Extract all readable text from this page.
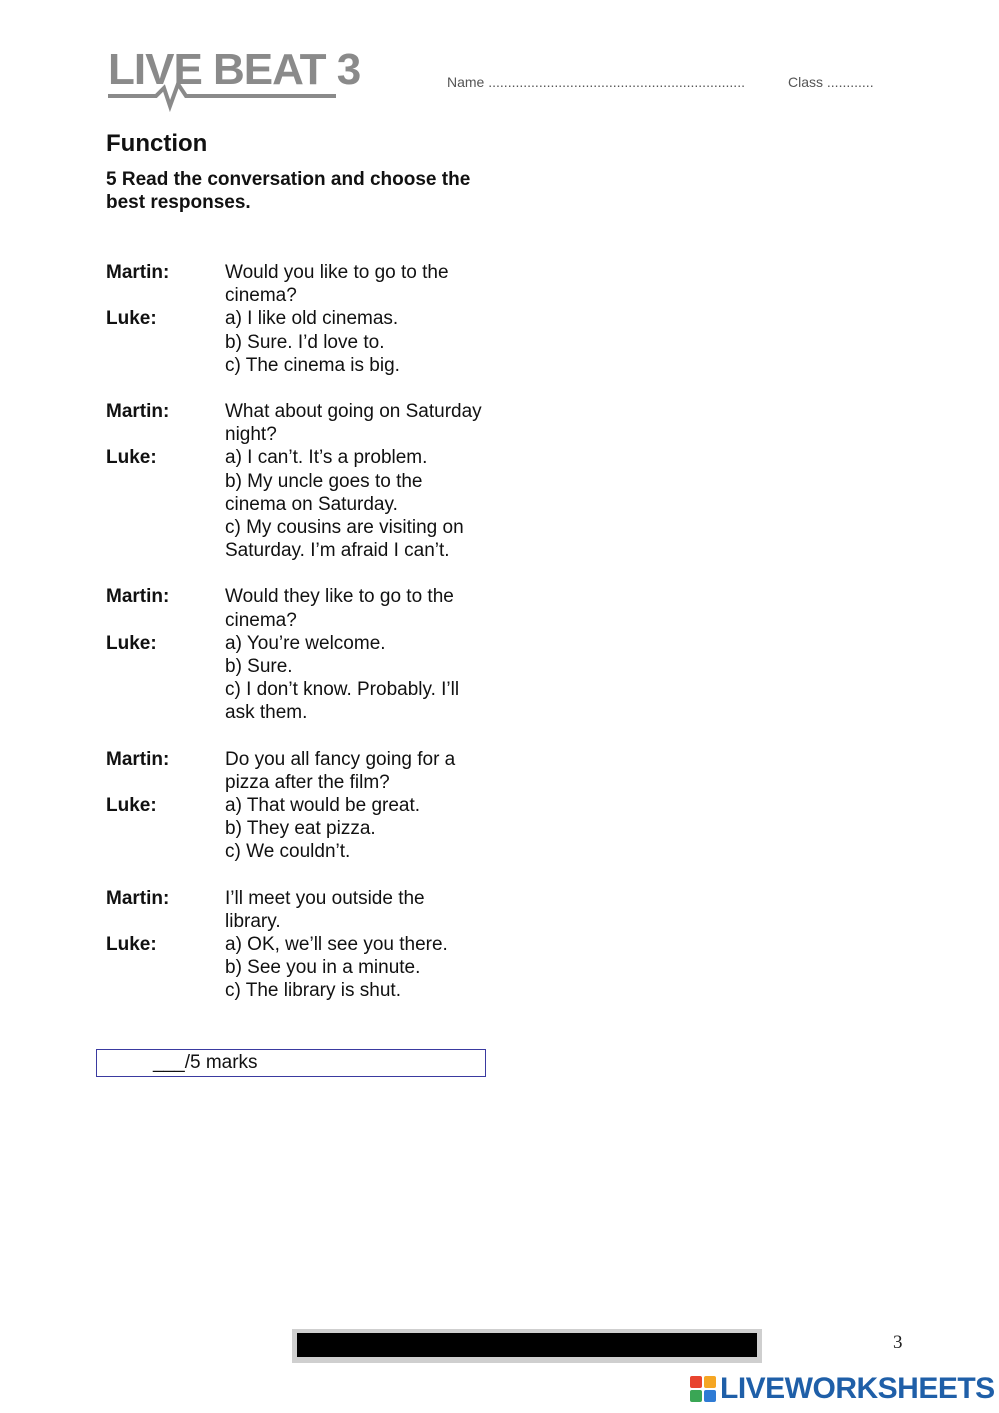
LIVE BEAT 3	Name ..................................................................	Class ............
Function

5 Read the conversation and choose the best responses.

Martin:	Would you like to go to the cinema?
Luke:	a) I like old cinemas.
b) Sure. I’d love to.
c) The cinema is big.
Martin:	What about going on Saturday night?
Luke:	a) I can’t. It’s a problem.
b) My uncle goes to the cinema on Saturday.
c) My cousins are visiting on Saturday. I’m afraid I can’t.
Martin:	Would they like to go to the cinema?
Luke:	a) You’re welcome.
b) Sure.
c) I don’t know. Probably. I’ll ask them.
Martin:	Do you all fancy going for a pizza after the film?
Luke:	a) That would be great.
b) They eat pizza.
c) We couldn’t.
Martin:	I’ll meet you outside the library.
Luke:	a) OK, we’ll see you there.
b) See you in a minute.
c) The library is shut.
___/5 marks
3
LIVEWORKSHEETS
